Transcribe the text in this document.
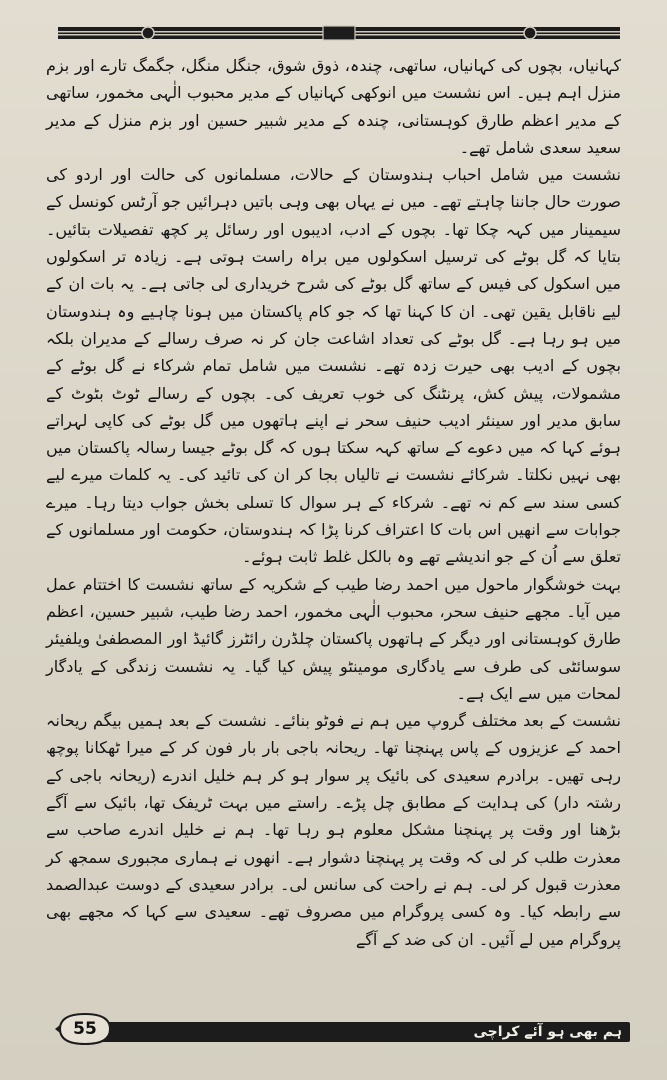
کہانیاں، بچوں کی کہانیاں، ساتھی، چندہ، ذوق شوق، جنگل منگل، جگمگ تارے اور بزم منزل اہم ہیں۔ اس نشست میں انوکھی کہانیاں کے مدیر محبوب الٰہی مخمور، ساتھی کے مدیر اعظم طارق کوہستانی، چندہ کے مدیر شبیر حسین اور بزم منزل کے مدیر سعید سعدی شامل تھے۔

نشست میں شامل احباب ہندوستان کے حالات، مسلمانوں کی حالت اور اردو کی صورت حال جاننا چاہتے تھے۔ میں نے یہاں بھی وہی باتیں دہرائیں جو آرٹس کونسل کے سیمینار میں کہہ چکا تھا۔ بچوں کے ادب، ادیبوں اور رسائل پر کچھ تفصیلات بتائیں۔ بتایا کہ گل بوٹے کی ترسیل اسکولوں میں براہ راست ہوتی ہے۔ زیادہ تر اسکولوں میں اسکول کی فیس کے ساتھ گل بوٹے کی شرح خریداری لی جاتی ہے۔ یہ بات ان کے لیے ناقابل یقین تھی۔ ان کا کہنا تھا کہ جو کام پاکستان میں ہونا چاہیے وہ ہندوستان میں ہو رہا ہے۔ گل بوٹے کی تعداد اشاعت جان کر نہ صرف رسالے کے مدیران بلکہ بچوں کے ادیب بھی حیرت زدہ تھے۔ نشست میں شامل تمام شرکاء نے گل بوٹے کے مشمولات، پیش کش، پرنٹنگ کی خوب تعریف کی۔ بچوں کے رسالے ٹوٹ بٹوٹ کے سابق مدیر اور سینئر ادیب حنیف سحر نے اپنے ہاتھوں میں گل بوٹے کی کاپی لہراتے ہوئے کہا کہ میں دعوے کے ساتھ کہہ سکتا ہوں کہ گل بوٹے جیسا رسالہ پاکستان میں بھی نہیں نکلتا۔ شرکائے نشست نے تالیاں بجا کر ان کی تائید کی۔ یہ کلمات میرے لیے کسی سند سے کم نہ تھے۔ شرکاء کے ہر سوال کا تسلی بخش جواب دیتا رہا۔ میرے جوابات سے انھیں اس بات کا اعتراف کرنا پڑا کہ ہندوستان، حکومت اور مسلمانوں کے تعلق سے اُن کے جو اندیشے تھے وہ بالکل غلط ثابت ہوئے۔

بہت خوشگوار ماحول میں احمد رضا طیب کے شکریہ کے ساتھ نشست کا اختتام عمل میں آیا۔ مجھے حنیف سحر، محبوب الٰہی مخمور، احمد رضا طیب، شبیر حسین، اعظم طارق کوہستانی اور دیگر کے ہاتھوں پاکستان چلڈرن رائٹرز گائیڈ اور المصطفیٰ ویلفیئر سوسائٹی کی طرف سے یادگاری مومینٹو پیش کیا گیا۔ یہ نشست زندگی کے یادگار لمحات میں سے ایک ہے۔

نشست کے بعد مختلف گروپ میں ہم نے فوٹو بنائے۔ نشست کے بعد ہمیں بیگم ریحانہ احمد کے عزیزوں کے پاس پہنچنا تھا۔ ریحانہ باجی بار بار فون کر کے میرا ٹھکانا پوچھ رہی تھیں۔ برادرم سعیدی کی بائیک پر سوار ہو کر ہم خلیل اندرے (ریحانہ باجی کے رشتہ دار) کی ہدایت کے مطابق چل پڑے۔ راستے میں بہت ٹریفک تھا، بائیک سے آگے بڑھنا اور وقت پر پہنچنا مشکل معلوم ہو رہا تھا۔ ہم نے خلیل اندرے صاحب سے معذرت طلب کر لی کہ وقت پر پہنچنا دشوار ہے۔ انھوں نے ہماری مجبوری سمجھ کر معذرت قبول کر لی۔ ہم نے راحت کی سانس لی۔ برادر سعیدی کے دوست عبدالصمد سے رابطہ کیا۔ وہ کسی پروگرام میں مصروف تھے۔ سعیدی سے کہا کہ مجھے بھی پروگرام میں لے آئیں۔ ان کی ضد کے آگے

ہم بھی ہو آئے کراچی
55
